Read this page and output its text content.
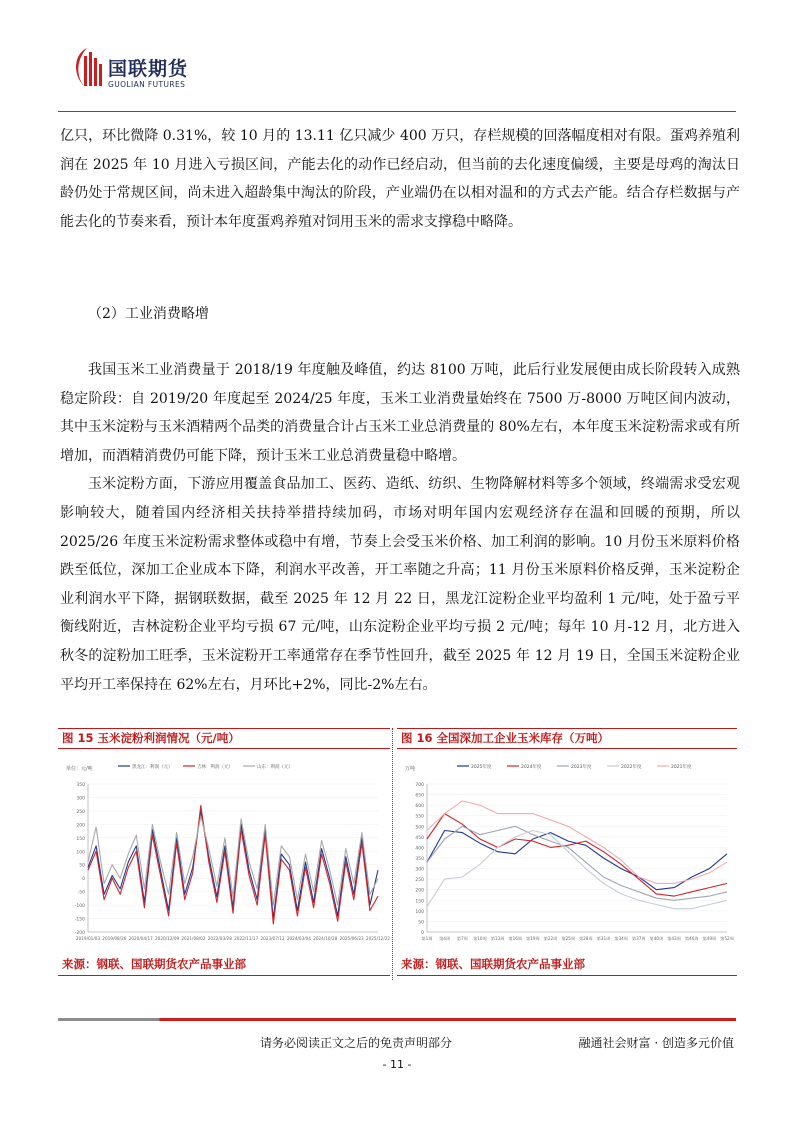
国联期货
GUOLIAN FUTURES

亿只，环比微降 0.31%，较 10 月的 13.11 亿只减少 400 万只，存栏规模的回落幅度相对有限。蛋鸡养殖利润在 2025 年 10 月进入亏损区间，产能去化的动作已经启动，但当前的去化速度偏缓，主要是母鸡的淘汰日龄仍处于常规区间，尚未进入超龄集中淘汰的阶段，产业端仍在以相对温和的方式去产能。结合存栏数据与产能去化的节奏来看，预计本年度蛋鸡养殖对饲用玉米的需求支撑稳中略降。

（2）工业消费略增

我国玉米工业消费量于 2018/19 年度触及峰值，约达 8100 万吨，此后行业发展便由成长阶段转入成熟稳定阶段：自 2019/20 年度起至 2024/25 年度，玉米工业消费量始终在 7500 万-8000 万吨区间内波动，其中玉米淀粉与玉米酒精两个品类的消费量合计占玉米工业总消费量的 80%左右，本年度玉米淀粉需求或有所增加，而酒精消费仍可能下降，预计玉米工业总消费量稳中略增。

玉米淀粉方面，下游应用覆盖食品加工、医药、造纸、纺织、生物降解材料等多个领域，终端需求受宏观影响较大，随着国内经济相关扶持举措持续加码，市场对明年国内宏观经济存在温和回暖的预期，所以 2025/26 年度玉米淀粉需求整体或稳中有增，节奏上会受玉米价格、加工利润的影响。10 月份玉米原料价格跌至低位，深加工企业成本下降，利润水平改善，开工率随之升高；11 月份玉米原料价格反弹，玉米淀粉企业利润水平下降，据钢联数据，截至 2025 年 12 月 22 日，黑龙江淀粉企业平均盈利 1 元/吨，处于盈亏平衡线附近，吉林淀粉企业平均亏损 67 元/吨，山东淀粉企业平均亏损 2 元/吨；每年 10 月-12 月，北方进入秋冬的淀粉加工旺季，玉米淀粉开工率通常存在季节性回升，截至 2025 年 12 月 19 日，全国玉米淀粉企业平均开工率保持在 62%左右，月环比+2%，同比-2%左右。

图 15 玉米淀粉利润情况（元/吨）
单位：元/吨	黑龙江：利润（元）	吉林：利润（元）	山东：利润（元）
350
300
250
200
150
100
50
0
-50
-100
-150
-200
2019/01/03 2019/08/26 2020/04/17 2020/12/09 2021/08/02 2022/03/28 2022/11/17 2023/07/12 2024/03/04 2024/10/28 2025/06/23 2025/12/22
来源：钢联、国联期货农产品事业部
图 16 全国深加工企业玉米库存（万吨）
万吨	2025年度	2024年度	2023年度	2022年度	2021年度
700
650
600
550
500
450
400
350
300
250
200
150
100
50
0
第1周 第4周 第7周 第10周 第13周 第16周 第19周 第22周 第25周 第28周 第31周 第34周 第37周 第40周 第43周 第46周 第49周 第52周
来源：钢联、国联期货农产品事业部
请务必阅读正文之后的免责声明部分	融通社会财富 · 创造多元价值
- 11 -
